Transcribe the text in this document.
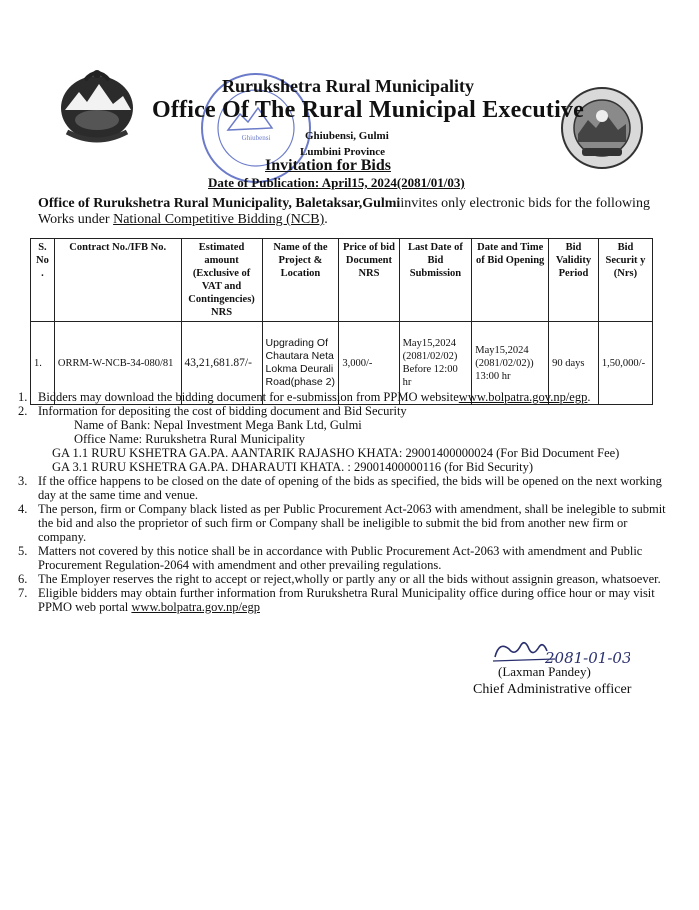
Ghiubensi
Rurukshetra Rural Municipality
Office Of The Rural Municipal Executive
Ghiubensi, Gulmi
Lumbini Province
Invitation for Bids
Date of Publication: April15, 2024(2081/01/03)
Office of Rurukshetra Rural Municipality, Baletaksar,Gulmiinvites only electronic bids for the following Works under National Competitive Bidding (NCB).
S. No .	Contract No./IFB No.	Estimated amount (Exclusive of VAT and Contingencies) NRS	Name of the Project & Location	Price of bid Document NRS	Last Date of Bid Submission	Date and Time of Bid Opening	Bid Validity Period	Bid Securit y (Nrs)
1.	ORRM-W-NCB-34-080/81	43,21,681.87/-	Upgrading Of Chautara Neta Lokma Deurali Road(phase 2)	3,000/-	May15,2024 (2081/02/02) Before 12:00 hr	May15,2024 (2081/02/02)) 13:00 hr	90 days	1,50,000/-
1. Bidders may download the bidding document for e-submission from PPMO websitewww.bolpatra.gov.np/egp.
2. Information for depositing the cost of bidding document and Bid Security
Name of Bank: Nepal Investment Mega Bank Ltd, Gulmi
Office Name: Rurukshetra Rural Municipality
GA 1.1 RURU KSHETRA GA.PA. AANTARIK RAJASHO KHATA: 29001400000024 (For Bid Document Fee)
GA 3.1 RURU KSHETRA GA.PA. DHARAUTI KHATA. : 29001400000116 (for Bid Security)
3. If the office happens to be closed on the date of opening of the bids as specified, the bids will be opened on the next working day at the same time and venue.
4. The person, firm or Company black listed as per Public Procurement Act-2063 with amendment, shall be inelegible to submit the bid and also the proprietor of such firm or Company shall be ineligible to submit the bid from another new firm or company.
5. Matters not covered by this notice shall be in accordance with Public Procurement Act-2063 with amendment and Public Procurement Regulation-2064 with amendment and other prevailing regulations.
6. The Employer reserves the right to accept or reject,wholly or partly any or all the bids without assignin greason, whatsoever.
7. Eligible bidders may obtain further information from Rurukshetra Rural Municipality office during office hour or may visit PPMO web portal www.bolpatra.gov.np/egp
2081-01-03
(Laxman Pandey)
Chief Administrative officer
